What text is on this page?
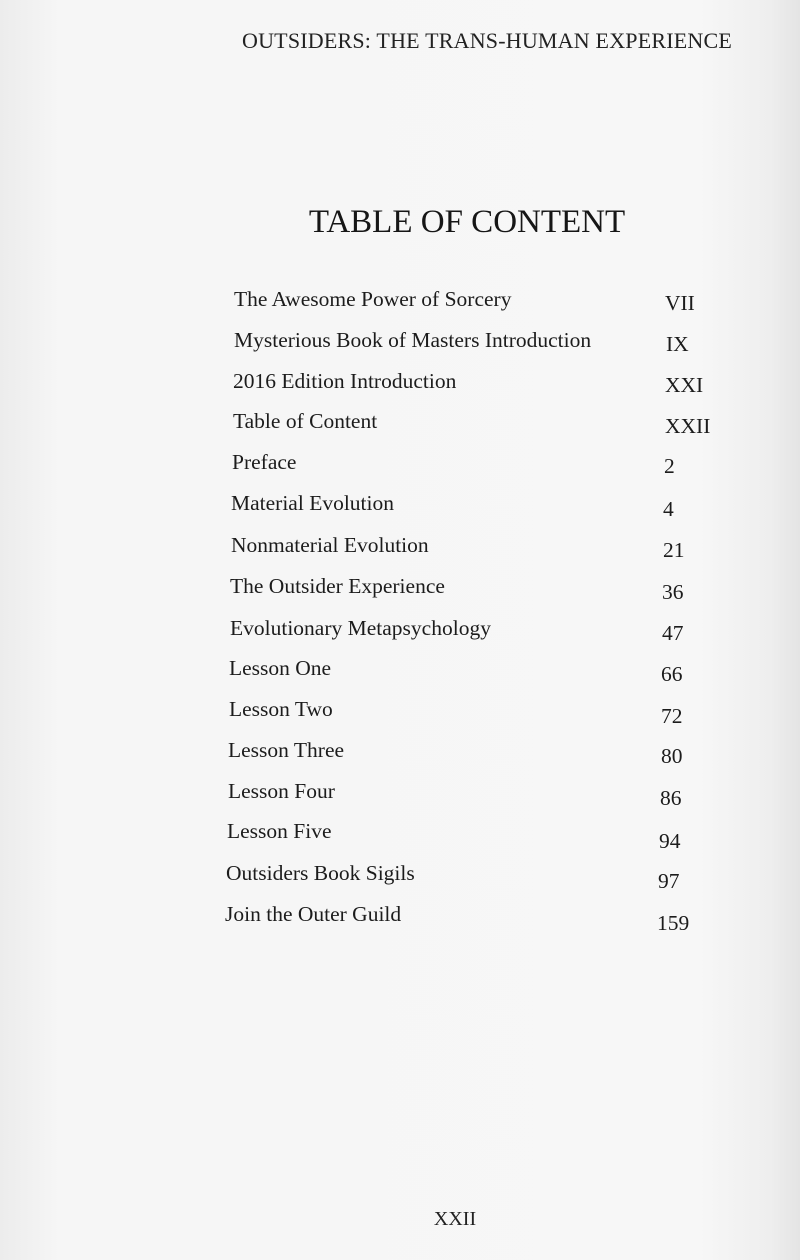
OUTSIDERS: THE TRANS-HUMAN EXPERIENCE
TABLE OF CONTENT
The Awesome Power of Sorcery	VII
Mysterious Book of Masters Introduction	IX
2016 Edition Introduction	XXI
Table of Content	XXII
Preface	2
Material Evolution	4
Nonmaterial Evolution	21
The Outsider Experience	36
Evolutionary Metapsychology	47
Lesson One	66
Lesson Two	72
Lesson Three	80
Lesson Four	86
Lesson Five	94
Outsiders Book Sigils	97
Join the Outer Guild	159
XXII
